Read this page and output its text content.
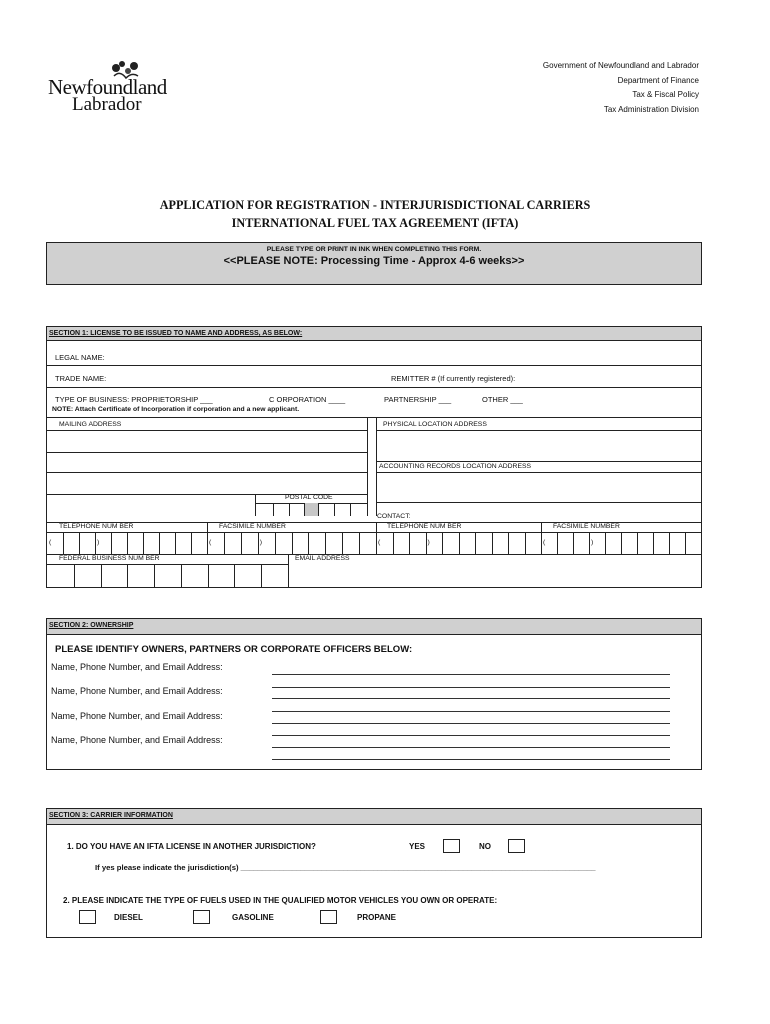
Newfoundland
Labrador
Government of Newfoundland and Labrador
Department of Finance
Tax & Fiscal Policy
Tax Administration Division
APPLICATION FOR REGISTRATION - INTERJURISDICTIONAL CARRIERS
INTERNATIONAL FUEL TAX AGREEMENT (IFTA)
PLEASE TYPE OR PRINT IN INK WHEN COMPLETING THIS FORM.
<<PLEASE NOTE: Processing Time - Approx 4-6 weeks>>
SECTION 1: LICENSE TO BE ISSUED TO NAME AND ADDRESS, AS BELOW:
LEGAL NAME:
TRADE NAME:	REMITTER # (If currently registered):
TYPE OF BUSINESS: PROPRIETORSHIP ___	C ORPORATION ____	PARTNERSHIP ___	OTHER ___
NOTE: Attach Certificate of Incorporation if corporation and a new applicant.
MAILING ADDRESS	PHYSICAL LOCATION ADDRESS
ACCOUNTING RECORDS LOCATION ADDRESS
POSTAL CODE
CONTACT:
TELEPHONE NUM BER	FACSIMILE NUMBER	TELEPHONE NUM BER	FACSIMILE NUMBER
FEDERAL BUSINESS NUM BER	EMAIL ADDRESS
(	)	(	)	(	)	(	)
SECTION 2: OWNERSHIP
PLEASE IDENTIFY OWNERS, PARTNERS OR CORPORATE OFFICERS BELOW:
Name, Phone Number, and Email Address:
Name, Phone Number, and Email Address:
Name, Phone Number, and Email Address:
Name, Phone Number, and Email Address:
SECTION 3: CARRIER INFORMATION
1. DO YOU HAVE AN IFTA LICENSE IN ANOTHER JURISDICTION?	YES	NO
If yes please indicate the jurisdiction(s) ___________________________________________________________________________________
2. PLEASE INDICATE THE TYPE OF FUELS USED IN THE QUALIFIED MOTOR VEHICLES YOU OWN OR OPERATE:
DIESEL	GASOLINE	PROPANE
